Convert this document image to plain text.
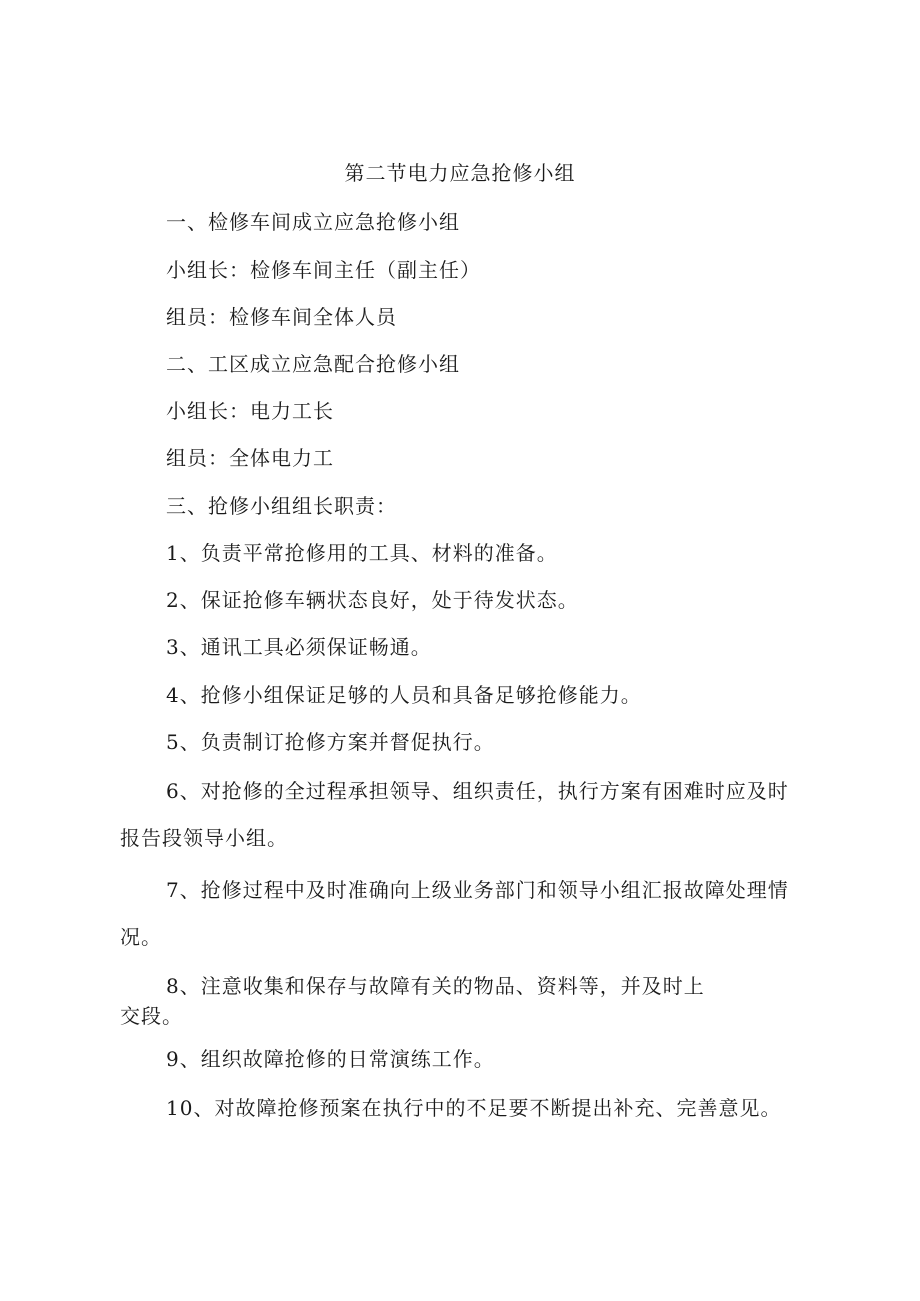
第二节电力应急抢修小组
一、检修车间成立应急抢修小组
小组长：检修车间主任（副主任）
组员：检修车间全体人员
二、工区成立应急配合抢修小组
小组长：电力工长
组员：全体电力工
三、抢修小组组长职责：
1、负责平常抢修用的工具、材料的准备。
2、保证抢修车辆状态良好，处于待发状态。
3、通讯工具必须保证畅通。
4、抢修小组保证足够的人员和具备足够抢修能力。
5、负责制订抢修方案并督促执行。
6、对抢修的全过程承担领导、组织责任，执行方案有困难时应及时
报告段领导小组。
7、抢修过程中及时准确向上级业务部门和领导小组汇报故障处理情
况。
8、注意收集和保存与故障有关的物品、资料等，并及时上
交段。
9、组织故障抢修的日常演练工作。
10、对故障抢修预案在执行中的不足要不断提出补充、完善意见。
